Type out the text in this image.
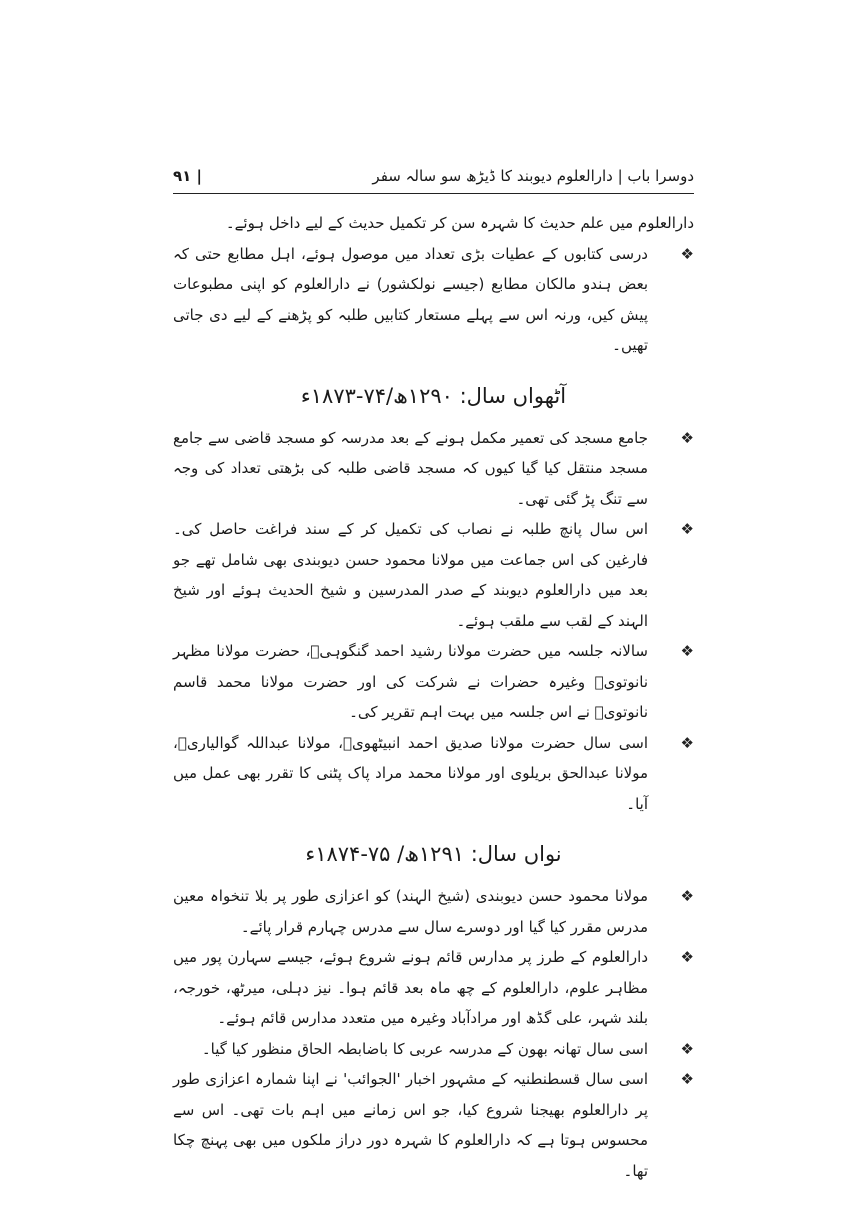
دوسرا باب | دارالعلوم دیوبند کا ڈیڑھ سو سالہ سفر
| ۹۱

دارالعلوم میں علم حدیث کا شہرہ سن کر تکمیل حدیث کے لیے داخل ہوئے۔

❖
درسی کتابوں کے عطیات بڑی تعداد میں موصول ہوئے، اہل مطابع حتی کہ بعض ہندو مالکان مطابع (جیسے نولکشور) نے دارالعلوم کو اپنی مطبوعات پیش کیں، ورنہ اس سے پہلے مستعار کتابیں طلبہ کو پڑھنے کے لیے دی جاتی تھیں۔
آٹھواں سال: ۱۲۹۰ھ/۷۴-۱۸۷۳ء
❖
جامع مسجد کی تعمیر مکمل ہونے کے بعد مدرسہ کو مسجد قاضی سے جامع مسجد منتقل کیا گیا کیوں کہ مسجد قاضی طلبہ کی بڑھتی تعداد کی وجہ سے تنگ پڑ گئی تھی۔
❖
اس سال پانچ طلبہ نے نصاب کی تکمیل کر کے سند فراغت حاصل کی۔ فارغین کی اس جماعت میں مولانا محمود حسن دیوبندی بھی شامل تھے جو بعد میں دارالعلوم دیوبند کے صدر المدرسین و شیخ الحدیث ہوئے اور شیخ الہند کے لقب سے ملقب ہوئے۔
❖
سالانہ جلسہ میں حضرت مولانا رشید احمد گنگوہیؒ، حضرت مولانا مظہر نانوتویؒ وغیرہ حضرات نے شرکت کی اور حضرت مولانا محمد قاسم نانوتویؒ نے اس جلسہ میں بہت اہم تقریر کی۔
❖
اسی سال حضرت مولانا صدیق احمد انبیٹھویؒ، مولانا عبداللہ گوالیاریؒ، مولانا عبدالحق بریلوی اور مولانا محمد مراد پاک پٹنی کا تقرر بھی عمل میں آیا۔
نواں سال: ۱۲۹۱ھ/ ۷۵-۱۸۷۴ء
❖
مولانا محمود حسن دیوبندی (شیخ الہند) کو اعزازی طور پر بلا تنخواہ معین مدرس مقرر کیا گیا اور دوسرے سال سے مدرس چہارم قرار پائے۔
❖
دارالعلوم کے طرز پر مدارس قائم ہونے شروع ہوئے، جیسے سہارن پور میں مظاہر علوم، دارالعلوم کے چھ ماہ بعد قائم ہوا۔ نیز دہلی، میرٹھ، خورجہ، بلند شہر، علی گڈھ اور مرادآباد وغیرہ میں متعدد مدارس قائم ہوئے۔
❖
اسی سال تھانہ بھون کے مدرسہ عربی کا باضابطہ الحاق منظور کیا گیا۔
❖
اسی سال قسطنطنیہ کے مشہور اخبار 'الجوائب' نے اپنا شمارہ اعزازی طور پر دارالعلوم بھیجنا شروع کیا، جو اس زمانے میں اہم بات تھی۔ اس سے محسوس ہوتا ہے کہ دارالعلوم کا شہرہ دور دراز ملکوں میں بھی پہنچ چکا تھا۔
